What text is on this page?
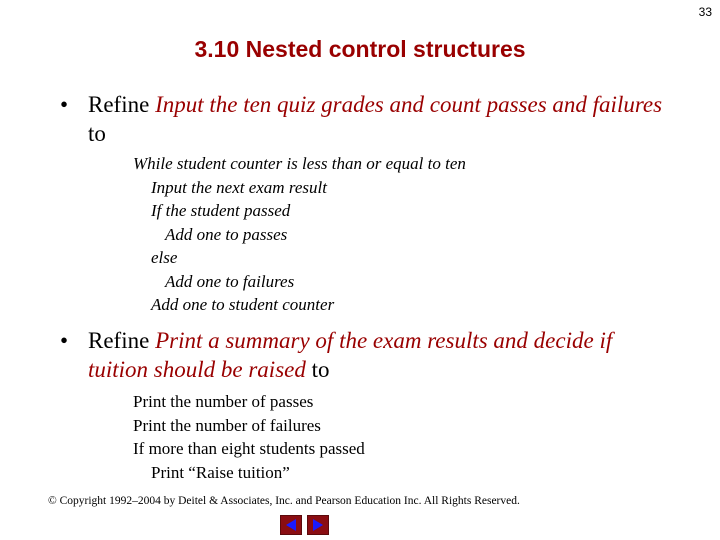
33
3.10 Nested control structures
• Refine Input the ten quiz grades and count passes and failures to
While student counter is less than or equal to ten
Input the next exam result
If the student passed
Add one to passes
else
Add one to failures
Add one to student counter
• Refine Print a summary of the exam results and decide if tuition should be raised to
Print the number of passes
Print the number of failures
If more than eight students passed
Print “Raise tuition”
© Copyright 1992–2004 by Deitel & Associates, Inc. and Pearson Education Inc. All Rights Reserved.
